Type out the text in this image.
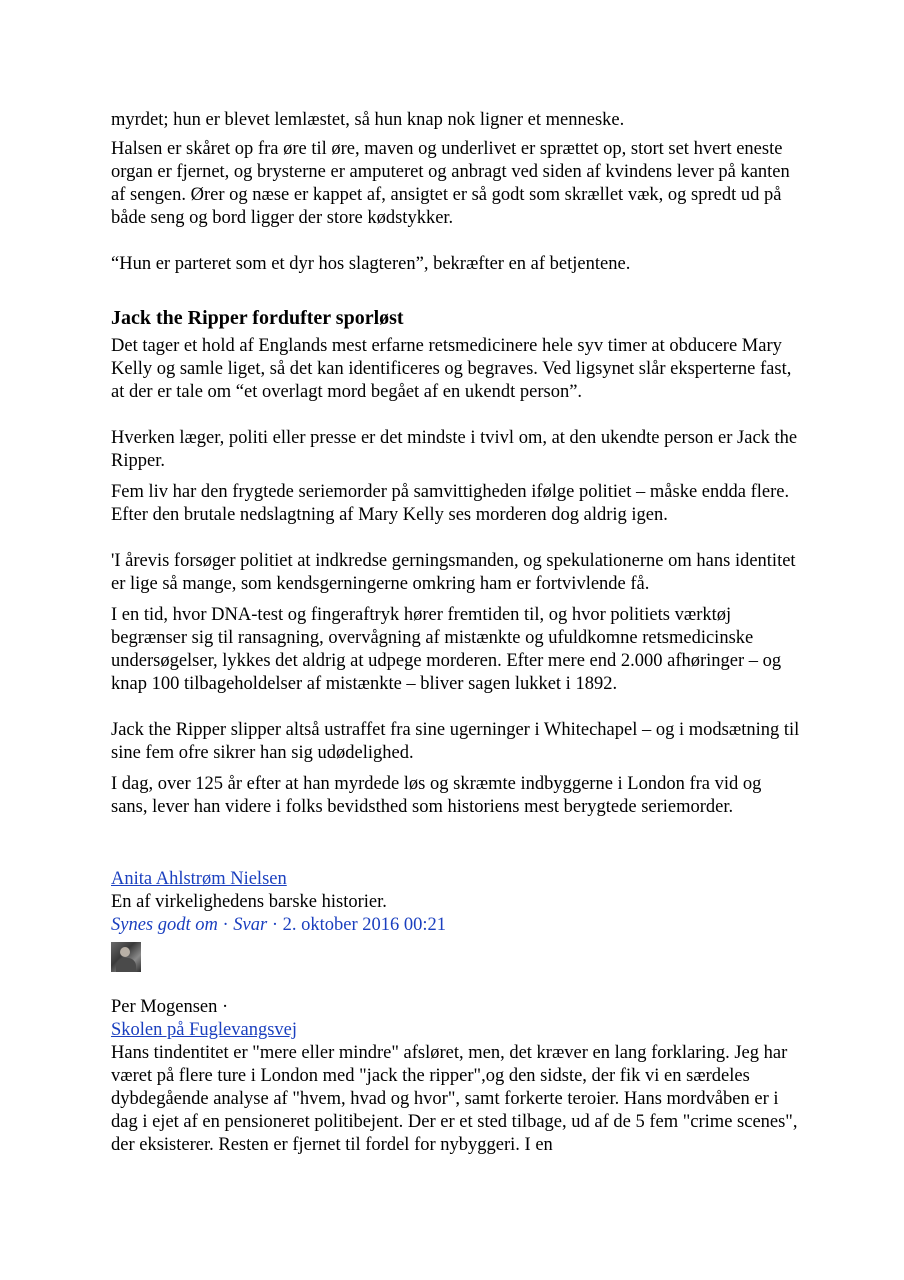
myrdet; hun er blevet lemlæstet, så hun knap nok ligner et menneske.

Halsen er skåret op fra øre til øre, maven og underlivet er sprættet op, stort set hvert eneste organ er fjernet, og brysterne er amputeret og anbragt ved siden af kvindens lever på kanten af sengen. Ører og næse er kappet af, ansigtet er så godt som skrællet væk, og spredt ud på både seng og bord ligger der store kødstykker.

“Hun er parteret som et dyr hos slagteren”, bekræfter en af betjentene.

Jack the Ripper fordufter sporløst

Det tager et hold af Englands mest erfarne retsmedicinere hele syv timer at obducere Mary Kelly og samle liget, så det kan identificeres og begraves. Ved ligsynet slår eksperterne fast, at der er tale om “et overlagt mord begået af en ukendt person”.

Hverken læger, politi eller presse er det mindste i tvivl om, at den ukendte person er Jack the Ripper.

Fem liv har den frygtede seriemorder på samvittigheden ifølge politiet – måske endda flere. Efter den brutale nedslagtning af Mary Kelly ses morderen dog aldrig igen.

'I årevis forsøger politiet at indkredse gerningsmanden, og spekulationerne om hans identitet er lige så mange, som kendsgerningerne omkring ham er fortvivlende få.

I en tid, hvor DNA-test og fingeraftryk hører fremtiden til, og hvor politiets værktøj begrænser sig til ransagning, overvågning af mistænkte og ufuldkomne retsmedicinske undersøgelser, lykkes det aldrig at udpege morderen. Efter mere end 2.000 afhøringer – og knap 100 tilbageholdelser af mistænkte – bliver sagen lukket i 1892.

Jack the Ripper slipper altså ustraffet fra sine ugerninger i Whitechapel – og i modsætning til sine fem ofre sikrer han sig udødelighed.

I dag, over 125 år efter at han myrdede løs og skræmte indbyggerne i London fra vid og sans, lever han videre i folks bevidsthed som historiens mest berygtede seriemorder.

Anita Ahlstrøm Nielsen
En af virkelighedens barske historier.
Synes godt om · Svar · 2. oktober 2016 00:21
Per Mogensen ·
Skolen på Fuglevangsvej
Hans tindentitet er "mere eller mindre" afsløret, men, det kræver en lang forklaring. Jeg har været på flere ture i London med "jack the ripper",og den sidste, der fik vi en særdeles dybdegående analyse af "hvem, hvad og hvor", samt forkerte teroier. Hans mordvåben er i dag i ejet af en pensioneret politibejent. Der er et sted tilbage, ud af de 5 fem "crime scenes", der eksisterer. Resten er fjernet til fordel for nybyggeri. I en
